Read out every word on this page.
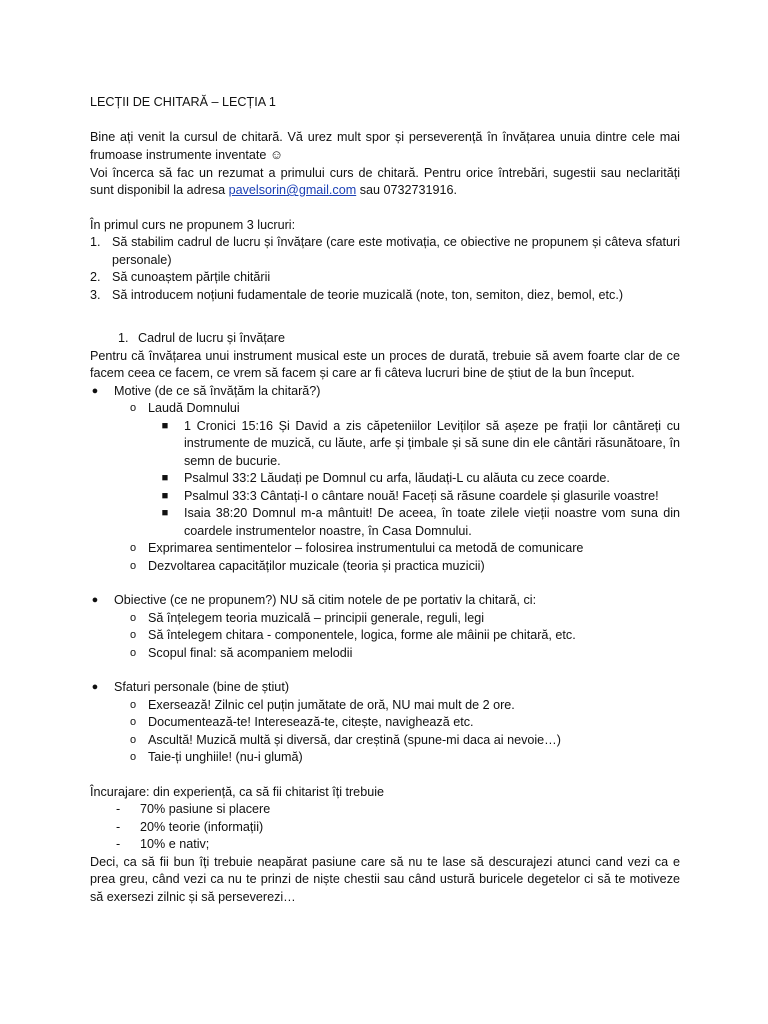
LECȚII DE CHITARĂ – LECȚIA 1

Bine ați venit la cursul de chitară. Vă urez mult spor și perseverență în învățarea unuia dintre cele mai frumoase instrumente inventate ☺
Voi încerca să fac un rezumat a primului curs de chitară. Pentru orice întrebări, sugestii sau neclarități sunt disponibil la adresa pavelsorin@gmail.com sau 0732731916.

În primul curs ne propunem 3 lucruri:

1. Să stabilim cadrul de lucru și învățare (care este motivația, ce obiective ne propunem și câteva sfaturi personale)
2. Să cunoaștem părțile chitării
3. Să introducem noțiuni fudamentale de teorie muzicală (note, ton, semiton, diez, bemol, etc.)
1. Cadrul de lucru și învățare

Pentru că învățarea unui instrument musical este un proces de durată, trebuie să avem foarte clar de ce facem ceea ce facem, ce vrem să facem și care ar fi câteva lucruri bine de știut de la bun început.

● Motive (de ce să învățăm la chitară?)
o Laudă Domnului
■ 1 Cronici 15:16 Și David a zis căpeteniilor Leviților să așeze pe frații lor cântăreți cu instrumente de muzică, cu lăute, arfe și țimbale și să sune din ele cântări răsunătoare, în semn de bucurie.
■ Psalmul 33:2 Lăudați pe Domnul cu arfa, lăudați-L cu alăuta cu zece coarde.
■ Psalmul 33:3 Cântați-I o cântare nouă! Faceți să răsune coardele și glasurile voastre!
■ Isaia 38:20 Domnul m-a mântuit! De aceea, în toate zilele vieții noastre vom suna din coardele instrumentelor noastre, în Casa Domnului.
o Exprimarea sentimentelor – folosirea instrumentului ca metodă de comunicare
o Dezvoltarea capacităților muzicale (teoria și practica muzicii)
● Obiective (ce ne propunem?) NU să citim notele de pe portativ la chitară, ci:
o Să înțelegem teoria muzicală – principii generale, reguli, legi
o Să întelegem chitara - componentele, logica, forme ale mâinii pe chitară, etc.
o Scopul final: să acompaniem melodii
● Sfaturi personale (bine de știut)
o Exersează! Zilnic cel puțin jumătate de oră, NU mai mult de 2 ore.
o Documentează-te! Interesează-te, citește, navighează etc.
o Ascultă! Muzică multă și diversă, dar creștină (spune-mi daca ai nevoie…)
o Taie-ți unghiile! (nu-i glumă)

Încurajare: din experiență, ca să fii chitarist îți trebuie

- 70% pasiune si placere
- 20% teorie (informații)
- 10% e nativ;

Deci, ca să fii bun îți trebuie neapărat pasiune care să nu te lase să descurajezi atunci cand vezi ca e prea greu, când vezi ca nu te prinzi de niște chestii sau când ustură buricele degetelor ci să te motiveze să exersezi zilnic și să perseverezi…
